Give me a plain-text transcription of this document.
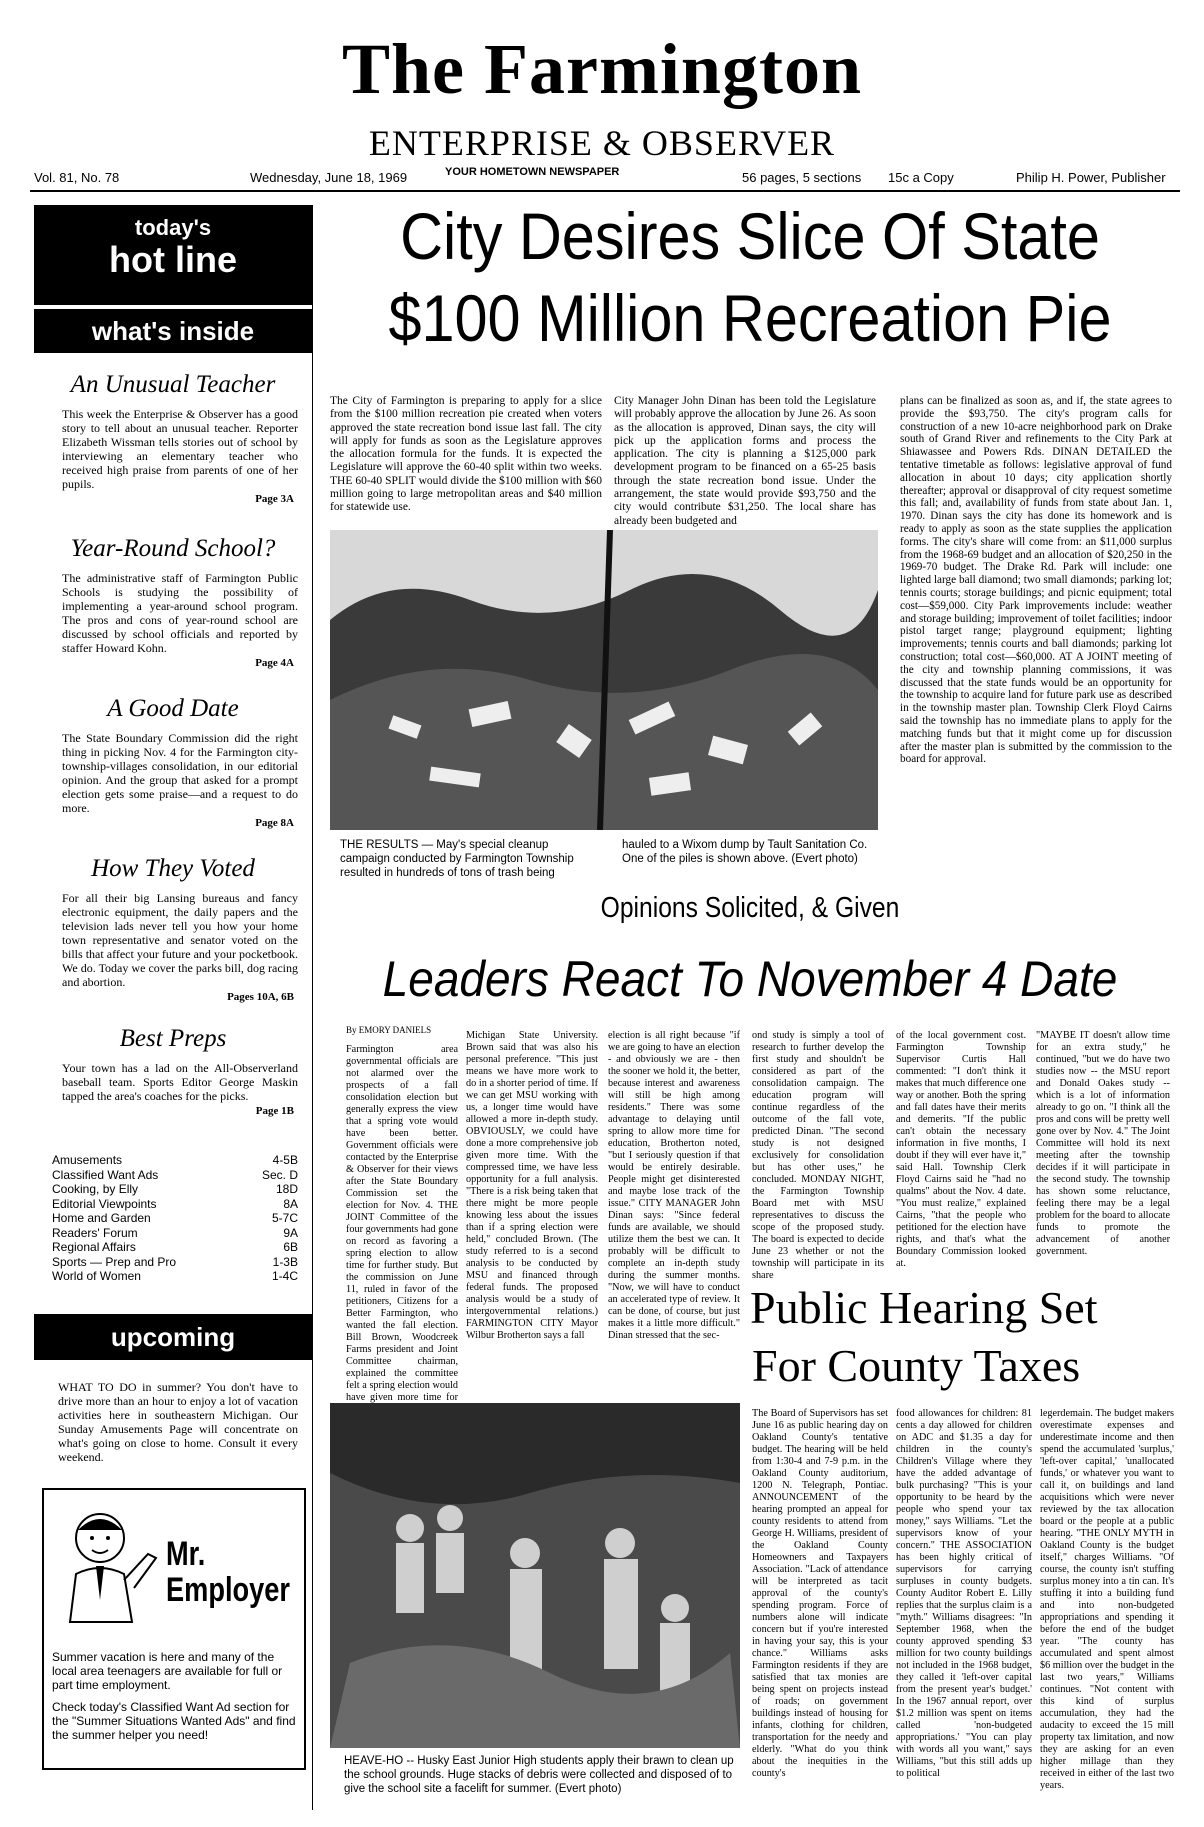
The Farmington
ENTERPRISE & OBSERVER
Vol. 81, No. 78	Wednesday, June 18, 1969	YOUR HOMETOWN NEWSPAPER	56 pages, 5 sections 15c a Copy	Philip H. Power, Publisher
today's
hot line
what's inside
An Unusual Teacher
This week the Enterprise & Observer has a good story to tell about an unusual teacher. Reporter Elizabeth Wissman tells stories out of school by interviewing an elementary teacher who received high praise from parents of one of her pupils.
Page 3A
Year-Round School?
The administrative staff of Farmington Public Schools is studying the possibility of implementing a year-around school program. The pros and cons of year-round school are discussed by school officials and reported by staffer Howard Kohn.
Page 4A
A Good Date
The State Boundary Commission did the right thing in picking Nov. 4 for the Farmington city-township-villages consolidation, in our editorial opinion. And the group that asked for a prompt election gets some praise—and a request to do more.
Page 8A
How They Voted
For all their big Lansing bureaus and fancy electronic equipment, the daily papers and the television lads never tell you how your home town representative and senator voted on the bills that affect your future and your pocketbook. We do. Today we cover the parks bill, dog racing and abortion.
Pages 10A, 6B
Best Preps
Your town has a lad on the All-Observerland baseball team. Sports Editor George Maskin tapped the area's coaches for the picks.
Page 1B
Amusements	4-5B
Classified Want Ads	Sec. D
Cooking, by Elly	18D
Editorial Viewpoints	8A
Home and Garden	5-7C
Readers' Forum	9A
Regional Affairs	6B
Sports — Prep and Pro	1-3B
World of Women	1-4C
upcoming
WHAT TO DO in summer? You don't have to drive more than an hour to enjoy a lot of vacation activities here in southeastern Michigan. Our Sunday Amusements Page will concentrate on what's going on close to home. Consult it every weekend.
Mr.
Employer
Summer vacation is here and many of the local area teenagers are available for full or part time employment.
Check today's Classified Want Ad section for the "Summer Situations Wanted Ads" and find the summer helper you need!
City Desires Slice Of State
$100 Million Recreation Pie
The City of Farmington is preparing to apply for a slice from the $100 million recreation pie created when voters approved the state recreation bond issue last fall. The city will apply for funds as soon as the Legislature approves the allocation formula for the funds. It is expected the Legislature will approve the 60-40 split within two weeks. THE 60-40 SPLIT would divide the $100 million with $60 million going to large metropolitan areas and $40 million for statewide use.
City Manager John Dinan has been told the Legislature will probably approve the allocation by June 26. As soon as the allocation is approved, Dinan says, the city will pick up the application forms and process the application. The city is planning a $125,000 park development program to be financed on a 65-25 basis through the state recreation bond issue. Under the arrangement, the state would provide $93,750 and the city would contribute $31,250. The local share has already been budgeted and
plans can be finalized as soon as, and if, the state agrees to provide the $93,750. The city's program calls for construction of a new 10-acre neighborhood park on Drake south of Grand River and refinements to the City Park at Shiawassee and Powers Rds. DINAN DETAILED the tentative timetable as follows: legislative approval of fund allocation in about 10 days; city application shortly thereafter; approval or disapproval of city request sometime this fall; and, availability of funds from state about Jan. 1, 1970. Dinan says the city has done its homework and is ready to apply as soon as the state supplies the application forms. The city's share will come from: an $11,000 surplus from the 1968-69 budget and an allocation of $20,250 in the 1969-70 budget. The Drake Rd. Park will include: one lighted large ball diamond; two small diamonds; parking lot; tennis courts; storage buildings; and picnic equipment; total cost—$59,000. City Park improvements include: weather and storage building; improvement of toilet facilities; indoor pistol target range; playground equipment; lighting improvements; tennis courts and ball diamonds; parking lot construction; total cost—$60,000. AT A JOINT meeting of the city and township planning commissions, it was discussed that the state funds would be an opportunity for the township to acquire land for future park use as described in the township master plan. Township Clerk Floyd Cairns said the township has no immediate plans to apply for the matching funds but that it might come up for discussion after the master plan is submitted by the commission to the board for approval.
THE RESULTS — May's special cleanup campaign conducted by Farmington Township resulted in hundreds of tons of trash being
hauled to a Wixom dump by Tault Sanitation Co. One of the piles is shown above. (Evert photo)
Opinions Solicited, & Given
Leaders React To November 4 Date
By EMORY DANIELS
Farmington area governmental officials are not alarmed over the prospects of a fall consolidation election but generally express the view that a spring vote would have been better. Government officials were contacted by the Enterprise & Observer for their views after the State Boundary Commission set the election for Nov. 4. THE JOINT Committee of the four governments had gone on record as favoring a spring election to allow time for further study. But the commission on June 11, ruled in favor of the petitioners, Citizens for a Better Farmington, who wanted the fall election. Bill Brown, Woodcreek Farms president and Joint Committee chairman, explained the committee felt a spring election would have given more time for
Michigan State University. Brown said that was also his personal preference. "This just means we have more work to do in a shorter period of time. If we can get MSU working with us, a longer time would have allowed a more in-depth study. OBVIOUSLY, we could have done a more comprehensive job given more time. With the compressed time, we have less opportunity for a full analysis. "There is a risk being taken that there might be more people knowing less about the issues than if a spring election were held," concluded Brown. (The study referred to is a second analysis to be conducted by MSU and financed through federal funds. The proposed analysis would be a study of intergovernmental relations.) FARMINGTON CITY Mayor Wilbur Brotherton says a fall
election is all right because "if we are going to have an election - and obviously we are - then the sooner we hold it, the better, because interest and awareness will still be high among residents." There was some advantage to delaying until spring to allow more time for education, Brotherton noted, "but I seriously question if that would be entirely desirable. People might get disinterested and maybe lose track of the issue." CITY MANAGER John Dinan says: "Since federal funds are available, we should utilize them the best we can. It probably will be difficult to complete an in-depth study during the summer months. "Now, we will have to conduct an accelerated type of review. It can be done, of course, but just makes it a little more difficult." Dinan stressed that the sec-
ond study is simply a tool of research to further develop the first study and shouldn't be considered as part of the consolidation campaign. The education program will continue regardless of the outcome of the fall vote, predicted Dinan. "The second study is not designed exclusively for consolidation but has other uses," he concluded. MONDAY NIGHT, the Farmington Township Board met with MSU representatives to discuss the scope of the proposed study. The board is expected to decide June 23 whether or not the township will participate in its share
of the local government cost. Farmington Township Supervisor Curtis Hall commented: "I don't think it makes that much difference one way or another. Both the spring and fall dates have their merits and demerits. "If the public can't obtain the necessary information in five months, I doubt if they will ever have it," said Hall. Township Clerk Floyd Cairns said he "had no qualms" about the Nov. 4 date. "You must realize," explained Cairns, "that the people who petitioned for the election have rights, and that's what the Boundary Commission looked at.
"MAYBE IT doesn't allow time for an extra study," he continued, "but we do have two studies now -- the MSU report and Donald Oakes study -- which is a lot of information already to go on. "I think all the pros and cons will be pretty well gone over by Nov. 4." The Joint Committee will hold its next meeting after the township decides if it will participate in the second study. The township has shown some reluctance, feeling there may be a legal problem for the board to allocate funds to promote the advancement of another government.
HEAVE-HO -- Husky East Junior High students apply their brawn to clean up the school grounds. Huge stacks of debris were collected and disposed of to give the school site a facelift for summer. (Evert photo)
Public Hearing Set
For County Taxes
The Board of Supervisors has set June 16 as public hearing day on Oakland County's tentative budget. The hearing will be held from 1:30-4 and 7-9 p.m. in the Oakland County auditorium, 1200 N. Telegraph, Pontiac. ANNOUNCEMENT of the hearing prompted an appeal for county residents to attend from George H. Williams, president of the Oakland County Homeowners and Taxpayers Association. "Lack of attendance will be interpreted as tacit approval of the county's spending program. Force of numbers alone will indicate concern but if you're interested in having your say, this is your chance." Williams asks Farmington residents if they are satisfied that tax monies are being spent on projects instead of roads; on government buildings instead of housing for infants, clothing for children, transportation for the needy and elderly. "What do you think about the inequities in the county's
food allowances for children: 81 cents a day allowed for children on ADC and $1.35 a day for children in the county's Children's Village where they have the added advantage of bulk purchasing? "This is your opportunity to be heard by the people who spend your tax money," says Williams. "Let the supervisors know of your concern." THE ASSOCIATION has been highly critical of supervisors for carrying surpluses in county budgets. County Auditor Robert E. Lilly replies that the surplus claim is a "myth." Williams disagrees: "In September 1968, when the county approved spending $3 million for two county buildings not included in the 1968 budget, they called it 'left-over capital from the present year's budget.' In the 1967 annual report, over $1.2 million was spent on items called 'non-budgeted appropriations.' "You can play with words all you want," says Williams, "but this still adds up to political
legerdemain. The budget makers overestimate expenses and underestimate income and then spend the accumulated 'surplus,' 'left-over capital,' 'unallocated funds,' or whatever you want to call it, on buildings and land acquisitions which were never reviewed by the tax allocation board or the people at a public hearing. "THE ONLY MYTH in Oakland County is the budget itself," charges Williams. "Of course, the county isn't stuffing surplus money into a tin can. It's stuffing it into a building fund and into non-budgeted appropriations and spending it before the end of the budget year. "The county has accumulated and spent almost $6 million over the budget in the last two years," Williams continues. "Not content with this kind of surplus accumulation, they had the audacity to exceed the 15 mill property tax limitation, and now they are asking for an even higher millage than they received in either of the last two years.
